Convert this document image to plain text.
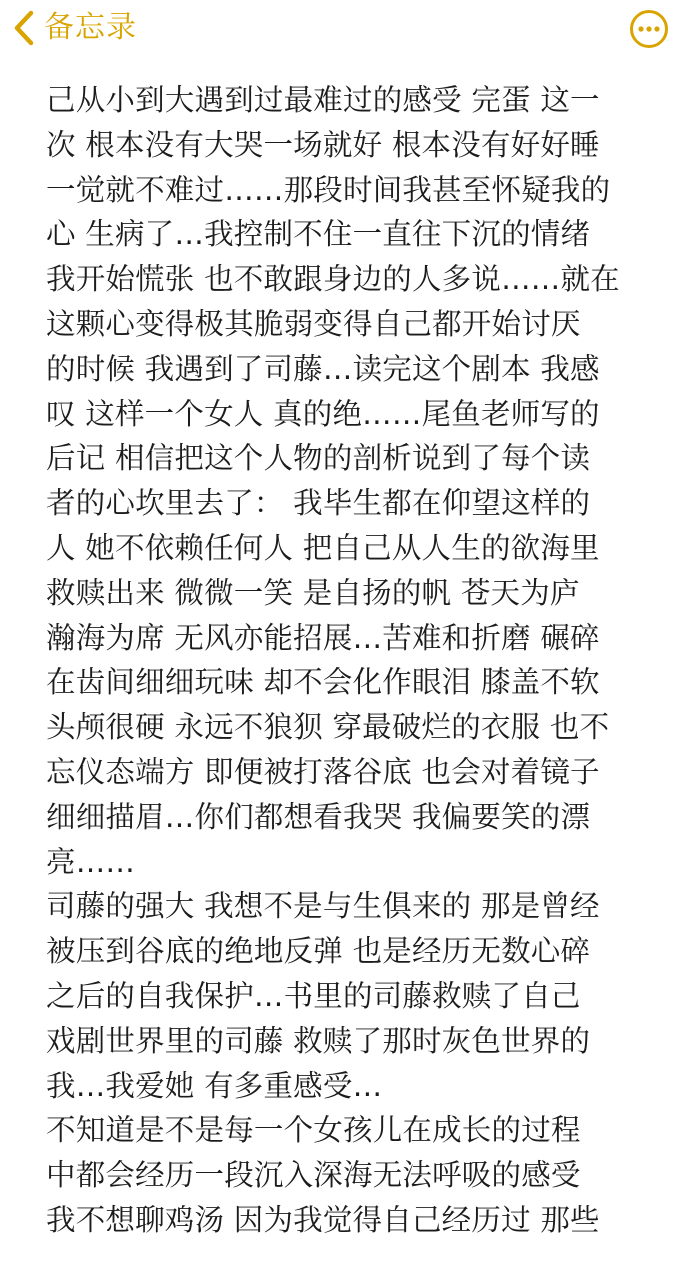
备忘录
己从小到大遇到过最难过的感受 完蛋 这一
次 根本没有大哭一场就好 根本没有好好睡
一觉就不难过……那段时间我甚至怀疑我的
心 生病了…我控制不住一直往下沉的情绪
我开始慌张 也不敢跟身边的人多说……就在
这颗心变得极其脆弱变得自己都开始讨厌
的时候 我遇到了司藤…读完这个剧本 我感
叹 这样一个女人 真的绝……尾鱼老师写的
后记 相信把这个人物的剖析说到了每个读
者的心坎里去了： 我毕生都在仰望这样的
人 她不依赖任何人 把自己从人生的欲海里
救赎出来 微微一笑 是自扬的帆 苍天为庐
瀚海为席 无风亦能招展…苦难和折磨 碾碎
在齿间细细玩味 却不会化作眼泪 膝盖不软
头颅很硬 永远不狼狈 穿最破烂的衣服 也不
忘仪态端方 即便被打落谷底 也会对着镜子
细细描眉…你们都想看我哭 我偏要笑的漂
亮……
司藤的强大 我想不是与生俱来的 那是曾经
被压到谷底的绝地反弹 也是经历无数心碎
之后的自我保护…书里的司藤救赎了自己
戏剧世界里的司藤 救赎了那时灰色世界的
我…我爱她 有多重感受…
不知道是不是每一个女孩儿在成长的过程
中都会经历一段沉入深海无法呼吸的感受
我不想聊鸡汤 因为我觉得自己经历过 那些
